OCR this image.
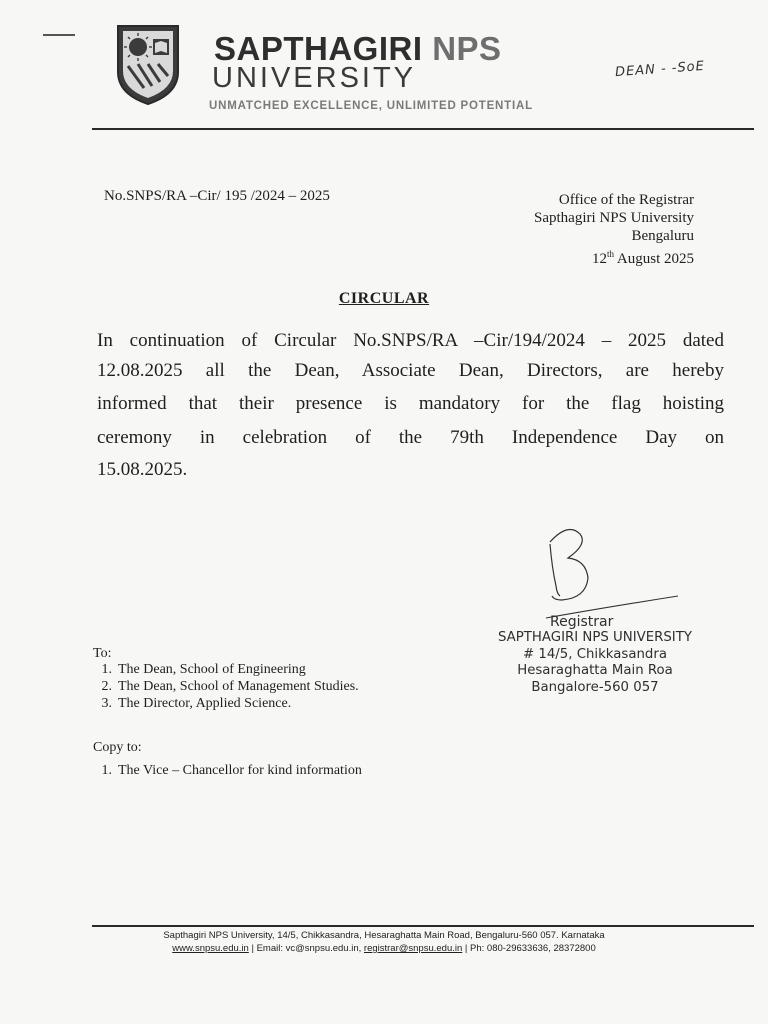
SAPTHAGIRI NPS
UNIVERSITY
UNMATCHED EXCELLENCE, UNLIMITED POTENTIAL
DEAN - -SoE
No.SNPS/RA –Cir/ 195 /2024 – 2025	Office of the Registrar
Sapthagiri NPS University
Bengaluru
12th August 2025
CIRCULAR
In continuation of Circular No.SNPS/RA –Cir/194/2024 – 2025 dated
12.08.2025 all the Dean, Associate Dean, Directors, are hereby
informed that their presence is mandatory for the flag hoisting
ceremony in celebration of the 79th Independence Day on
15.08.2025.
Registrar
SAPTHAGIRI NPS UNIVERSITY
# 14/5, Chikkasandra
Hesaraghatta Main Roa
Bangalore-560 057
To:
1. The Dean, School of Engineering
2. The Dean, School of Management Studies.
3. The Director, Applied Science.
Copy to:
1. The Vice – Chancellor for kind information
Sapthagiri NPS University, 14/5, Chikkasandra, Hesaraghatta Main Road, Bengaluru-560 057. Karnataka
www.snpsu.edu.in | Email: vc@snpsu.edu.in, registrar@snpsu.edu.in | Ph: 080-29633636, 28372800
